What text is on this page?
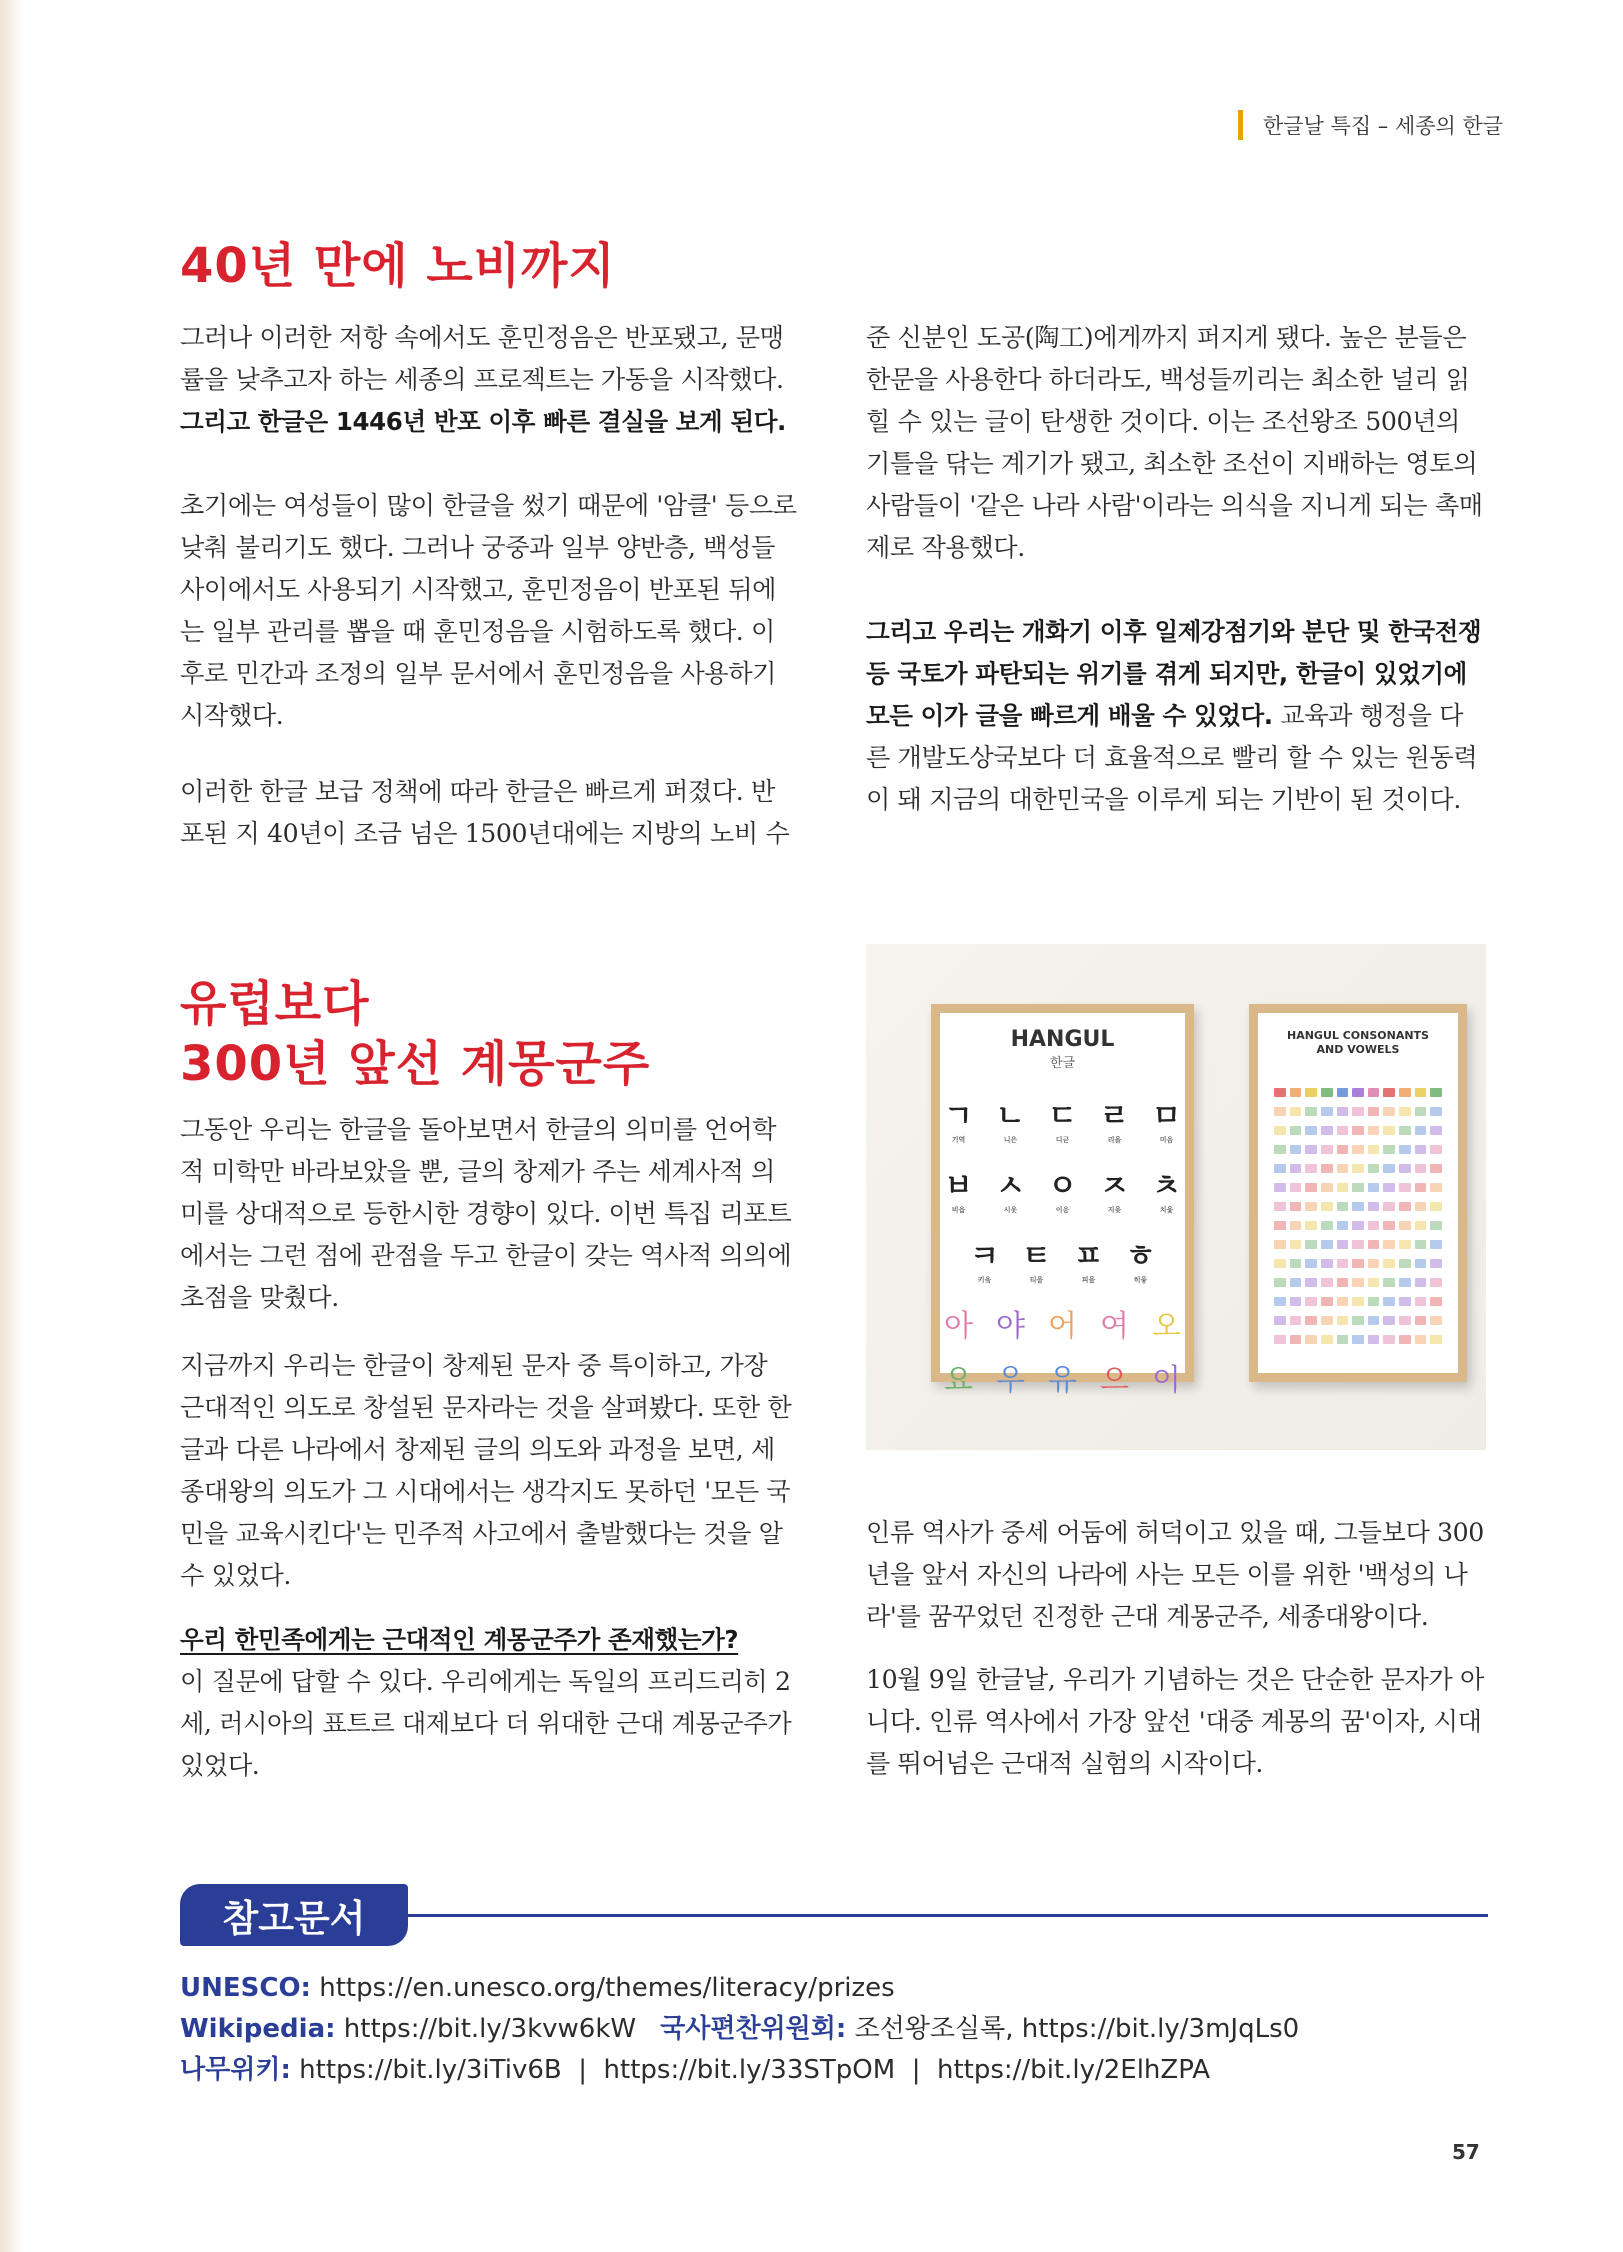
한글날 특집 – 세종의 한글
40년 만에 노비까지

그러나 이러한 저항 속에서도 훈민정음은 반포됐고, 문맹률을 낮추고자 하는 세종의 프로젝트는 가동을 시작했다. 그리고 한글은 1446년 반포 이후 빠른 결실을 보게 된다.

초기에는 여성들이 많이 한글을 썼기 때문에 '암클' 등으로 낮춰 불리기도 했다. 그러나 궁중과 일부 양반층, 백성들 사이에서도 사용되기 시작했고, 훈민정음이 반포된 뒤에는 일부 관리를 뽑을 때 훈민정음을 시험하도록 했다. 이후로 민간과 조정의 일부 문서에서 훈민정음을 사용하기 시작했다.

이러한 한글 보급 정책에 따라 한글은 빠르게 퍼졌다. 반포된 지 40년이 조금 넘은 1500년대에는 지방의 노비 수

준 신분인 도공(陶工)에게까지 퍼지게 됐다. 높은 분들은 한문을 사용한다 하더라도, 백성들끼리는 최소한 널리 읽힐 수 있는 글이 탄생한 것이다. 이는 조선왕조 500년의 기틀을 닦는 계기가 됐고, 최소한 조선이 지배하는 영토의 사람들이 '같은 나라 사람'이라는 의식을 지니게 되는 촉매제로 작용했다.

그리고 우리는 개화기 이후 일제강점기와 분단 및 한국전쟁 등 국토가 파탄되는 위기를 겪게 되지만, 한글이 있었기에 모든 이가 글을 빠르게 배울 수 있었다. 교육과 행정을 다른 개발도상국보다 더 효율적으로 빨리 할 수 있는 원동력이 돼 지금의 대한민국을 이루게 되는 기반이 된 것이다.

유럽보다
300년 앞선 계몽군주

그동안 우리는 한글을 돌아보면서 한글의 의미를 언어학적 미학만 바라보았을 뿐, 글의 창제가 주는 세계사적 의미를 상대적으로 등한시한 경향이 있다. 이번 특집 리포트에서는 그런 점에 관점을 두고 한글이 갖는 역사적 의의에 초점을 맞췄다.

지금까지 우리는 한글이 창제된 문자 중 특이하고, 가장 근대적인 의도로 창설된 문자라는 것을 살펴봤다. 또한 한글과 다른 나라에서 창제된 글의 의도와 과정을 보면, 세종대왕의 의도가 그 시대에서는 생각지도 못하던 '모든 국민을 교육시킨다'는 민주적 사고에서 출발했다는 것을 알 수 있었다.

우리 한민족에게는 근대적인 계몽군주가 존재했는가?
이 질문에 답할 수 있다. 우리에게는 독일의 프리드리히 2세, 러시아의 표트르 대제보다 더 위대한 근대 계몽군주가 있었다.

인류 역사가 중세 어둠에 허덕이고 있을 때, 그들보다 300년을 앞서 자신의 나라에 사는 모든 이를 위한 '백성의 나라'를 꿈꾸었던 진정한 근대 계몽군주, 세종대왕이다.

10월 9일 한글날, 우리가 기념하는 것은 단순한 문자가 아니다. 인류 역사에서 가장 앞선 '대중 계몽의 꿈'이자, 시대를 뛰어넘은 근대적 실험의 시작이다.

HANGUL
한글
ㄱ ㄴ ㄷ ㄹ ㅁ
기역	니은	디귿	리을	미음
ㅂ ㅅ ㅇ ㅈ ㅊ
비읍	시옷	이응	지읒	치읓
ㅋ ㅌ ㅍ ㅎ
키읔	티읕	피읖	히읗
아 야 어 여 오
요 우 유 으 이
HANGUL CONSONANTS
AND VOWELS
참고문서
UNESCO: https://en.unesco.org/themes/literacy/prizes
Wikipedia: https://bit.ly/3kvw6kW 국사편찬위원회: 조선왕조실록, https://bit.ly/3mJqLs0
나무위키: https://bit.ly/3iTiv6B  |  https://bit.ly/33STpOM  |  https://bit.ly/2ElhZPA
57
